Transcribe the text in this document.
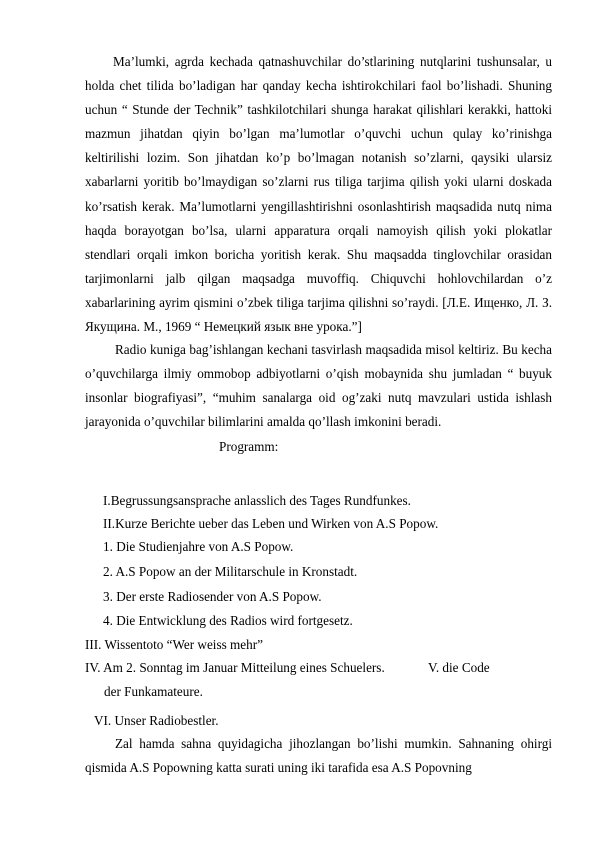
Ma’lumki, agrda kechada qatnashuvchilar do’stlarining nutqlarini tushunsalar, u holda chet tilida bo’ladigan har qanday kecha ishtirokchilari faol bo’lishadi. Shuning uchun “ Stunde der Technik” tashkilotchilari shunga harakat qilishlari kerakki, hattoki mazmun jihatdan qiyin bo’lgan ma’lumotlar o’quvchi uchun qulay ko’rinishga keltirilishi lozim. Son jihatdan ko’p bo’lmagan notanish so’zlarni, qaysiki ularsiz xabarlarni yoritib bo’lmaydigan so’zlarni rus tiliga tarjima qilish yoki ularni doskada ko’rsatish kerak. Ma’lumotlarni yengillashtirishni osonlashtirish maqsadida nutq nima haqda borayotgan bo’lsa, ularni apparatura orqali namoyish qilish yoki plokatlar stendlari orqali imkon boricha yoritish kerak. Shu maqsadda tinglovchilar orasidan tarjimonlarni jalb qilgan maqsadga muvoffiq. Chiquvchi hohlovchilardan o’z xabarlarining ayrim qismini o’zbek tiliga tarjima qilishni so’raydi. [Л.Е. Ищенко, Л. З. Якущина. М., 1969 “ Немецкий язык вне урока.”]

Radio kuniga bag’ishlangan kechani tasvirlash maqsadida misol keltiriz. Bu kecha o’quvchilarga ilmiy ommobop adbiyotlarni o’qish mobaynida shu jumladan “ buyuk insonlar biografiyasi”, “muhim sanalarga oid og’zaki nutq mavzulari ustida ishlash jarayonida o’quvchilar bilimlarini amalda qo’llash imkonini beradi.

Programm:
I.Begrussungsansprache anlasslich des Tages Rundfunkes.
II.Kurze Berichte ueber das Leben und Wirken von A.S Popow.
1. Die Studienjahre von A.S Popow.
2. A.S Popow an der Militarschule in Kronstadt.
3. Der erste Radiosender von A.S Popow.
4. Die Entwicklung des Radios wird fortgesetz.
III. Wissentoto “Wer weiss mehr”
IV. Am 2. Sonntag im Januar Mitteilung eines Schuelers.	V. die Code
der Funkamateure.
VI. Unser Radiobestler.

Zal hamda sahna quyidagicha jihozlangan bo’lishi mumkin. Sahnaning ohirgi qismida A.S Popowning katta surati uning iki tarafida esa A.S Popovning
